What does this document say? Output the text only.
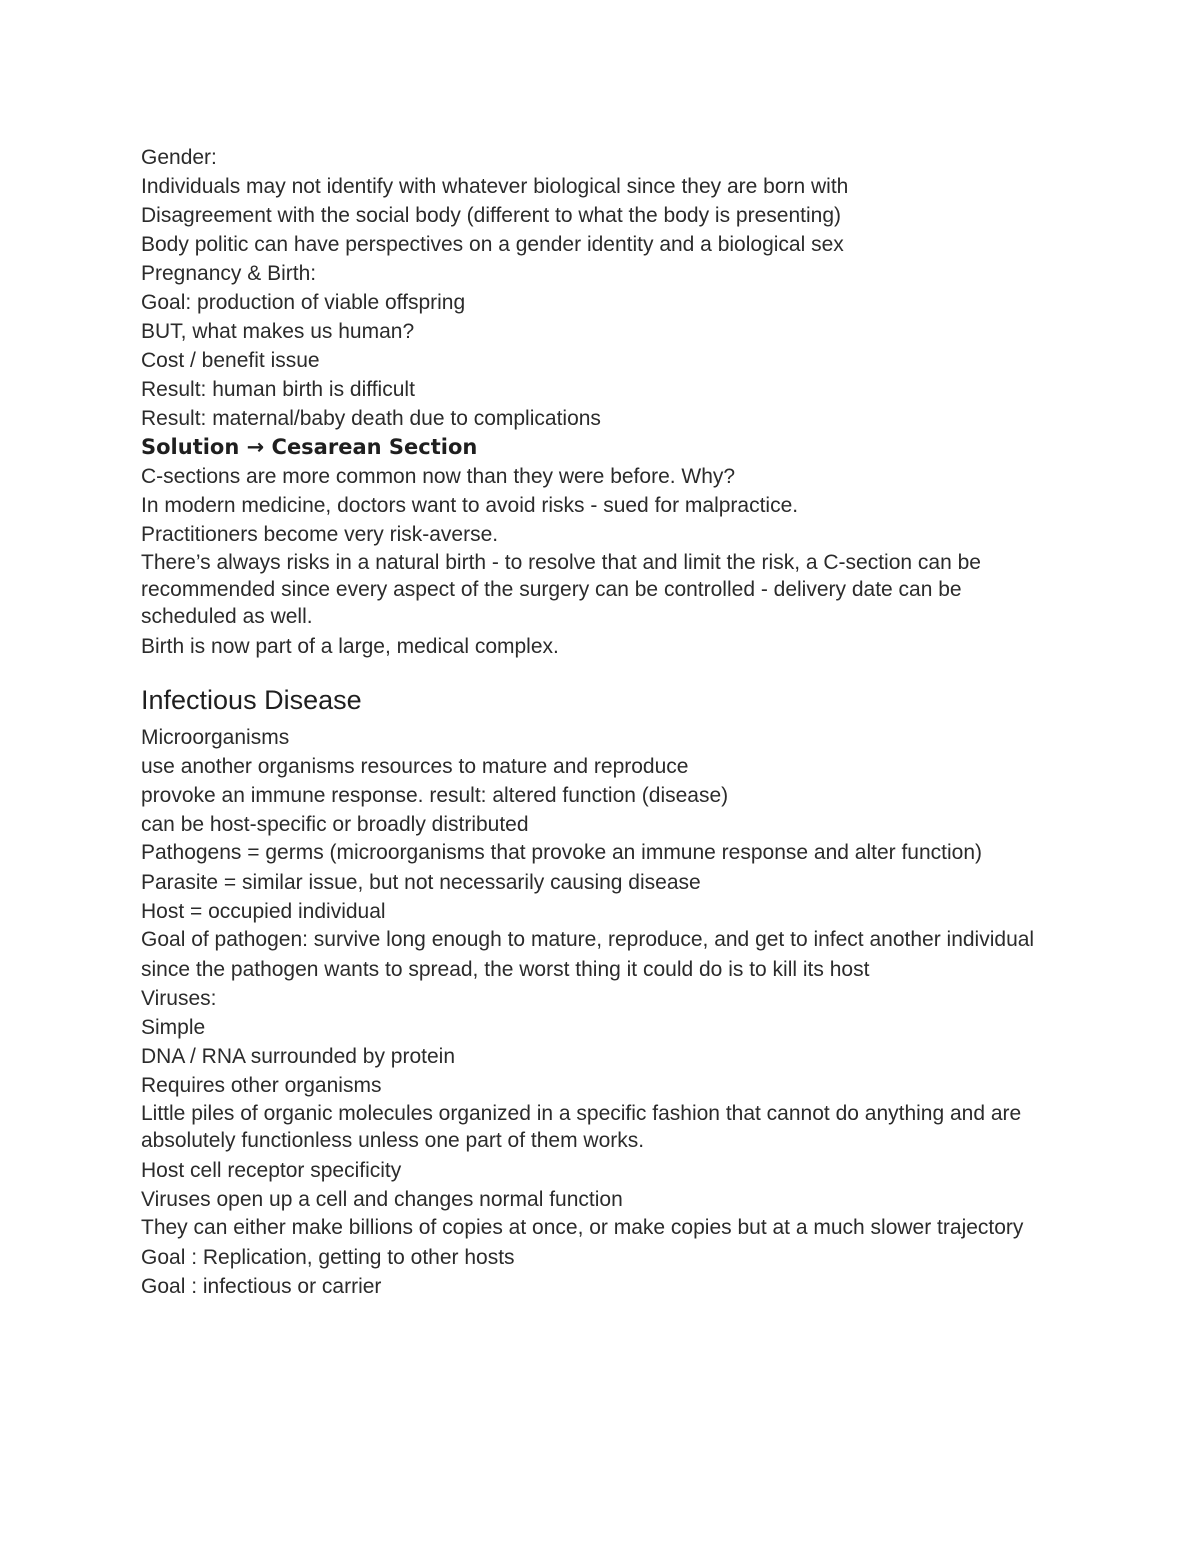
Gender:

Individuals may not identify with whatever biological since they are born with

Disagreement with the social body (different to what the body is presenting)

Body politic can have perspectives on a gender identity and a biological sex

Pregnancy & Birth:

Goal: production of viable offspring

BUT, what makes us human?

Cost / benefit issue

Result: human birth is difficult

Result: maternal/baby death due to complications

Solution → Cesarean Section

C-sections are more common now than they were before. Why?

In modern medicine, doctors want to avoid risks - sued for malpractice.

Practitioners become very risk-averse.

There’s always risks in a natural birth - to resolve that and limit the risk, a C-section can be recommended since every aspect of the surgery can be controlled - delivery date can be scheduled as well.

Birth is now part of a large, medical complex.

Infectious Disease

Microorganisms

use another organisms resources to mature and reproduce

provoke an immune response. result: altered function (disease)

can be host-specific or broadly distributed

Pathogens = germs (microorganisms that provoke an immune response and alter function)

Parasite = similar issue, but not necessarily causing disease

Host = occupied individual

Goal of pathogen: survive long enough to mature, reproduce, and get to infect another individual

since the pathogen wants to spread, the worst thing it could do is to kill its host

Viruses:

Simple

DNA / RNA surrounded by protein

Requires other organisms

Little piles of organic molecules organized in a specific fashion that cannot do anything and are absolutely functionless unless one part of them works.

Host cell receptor specificity

Viruses open up a cell and changes normal function

They can either make billions of copies at once, or make copies but at a much slower trajectory

Goal : Replication, getting to other hosts

Goal : infectious or carrier
